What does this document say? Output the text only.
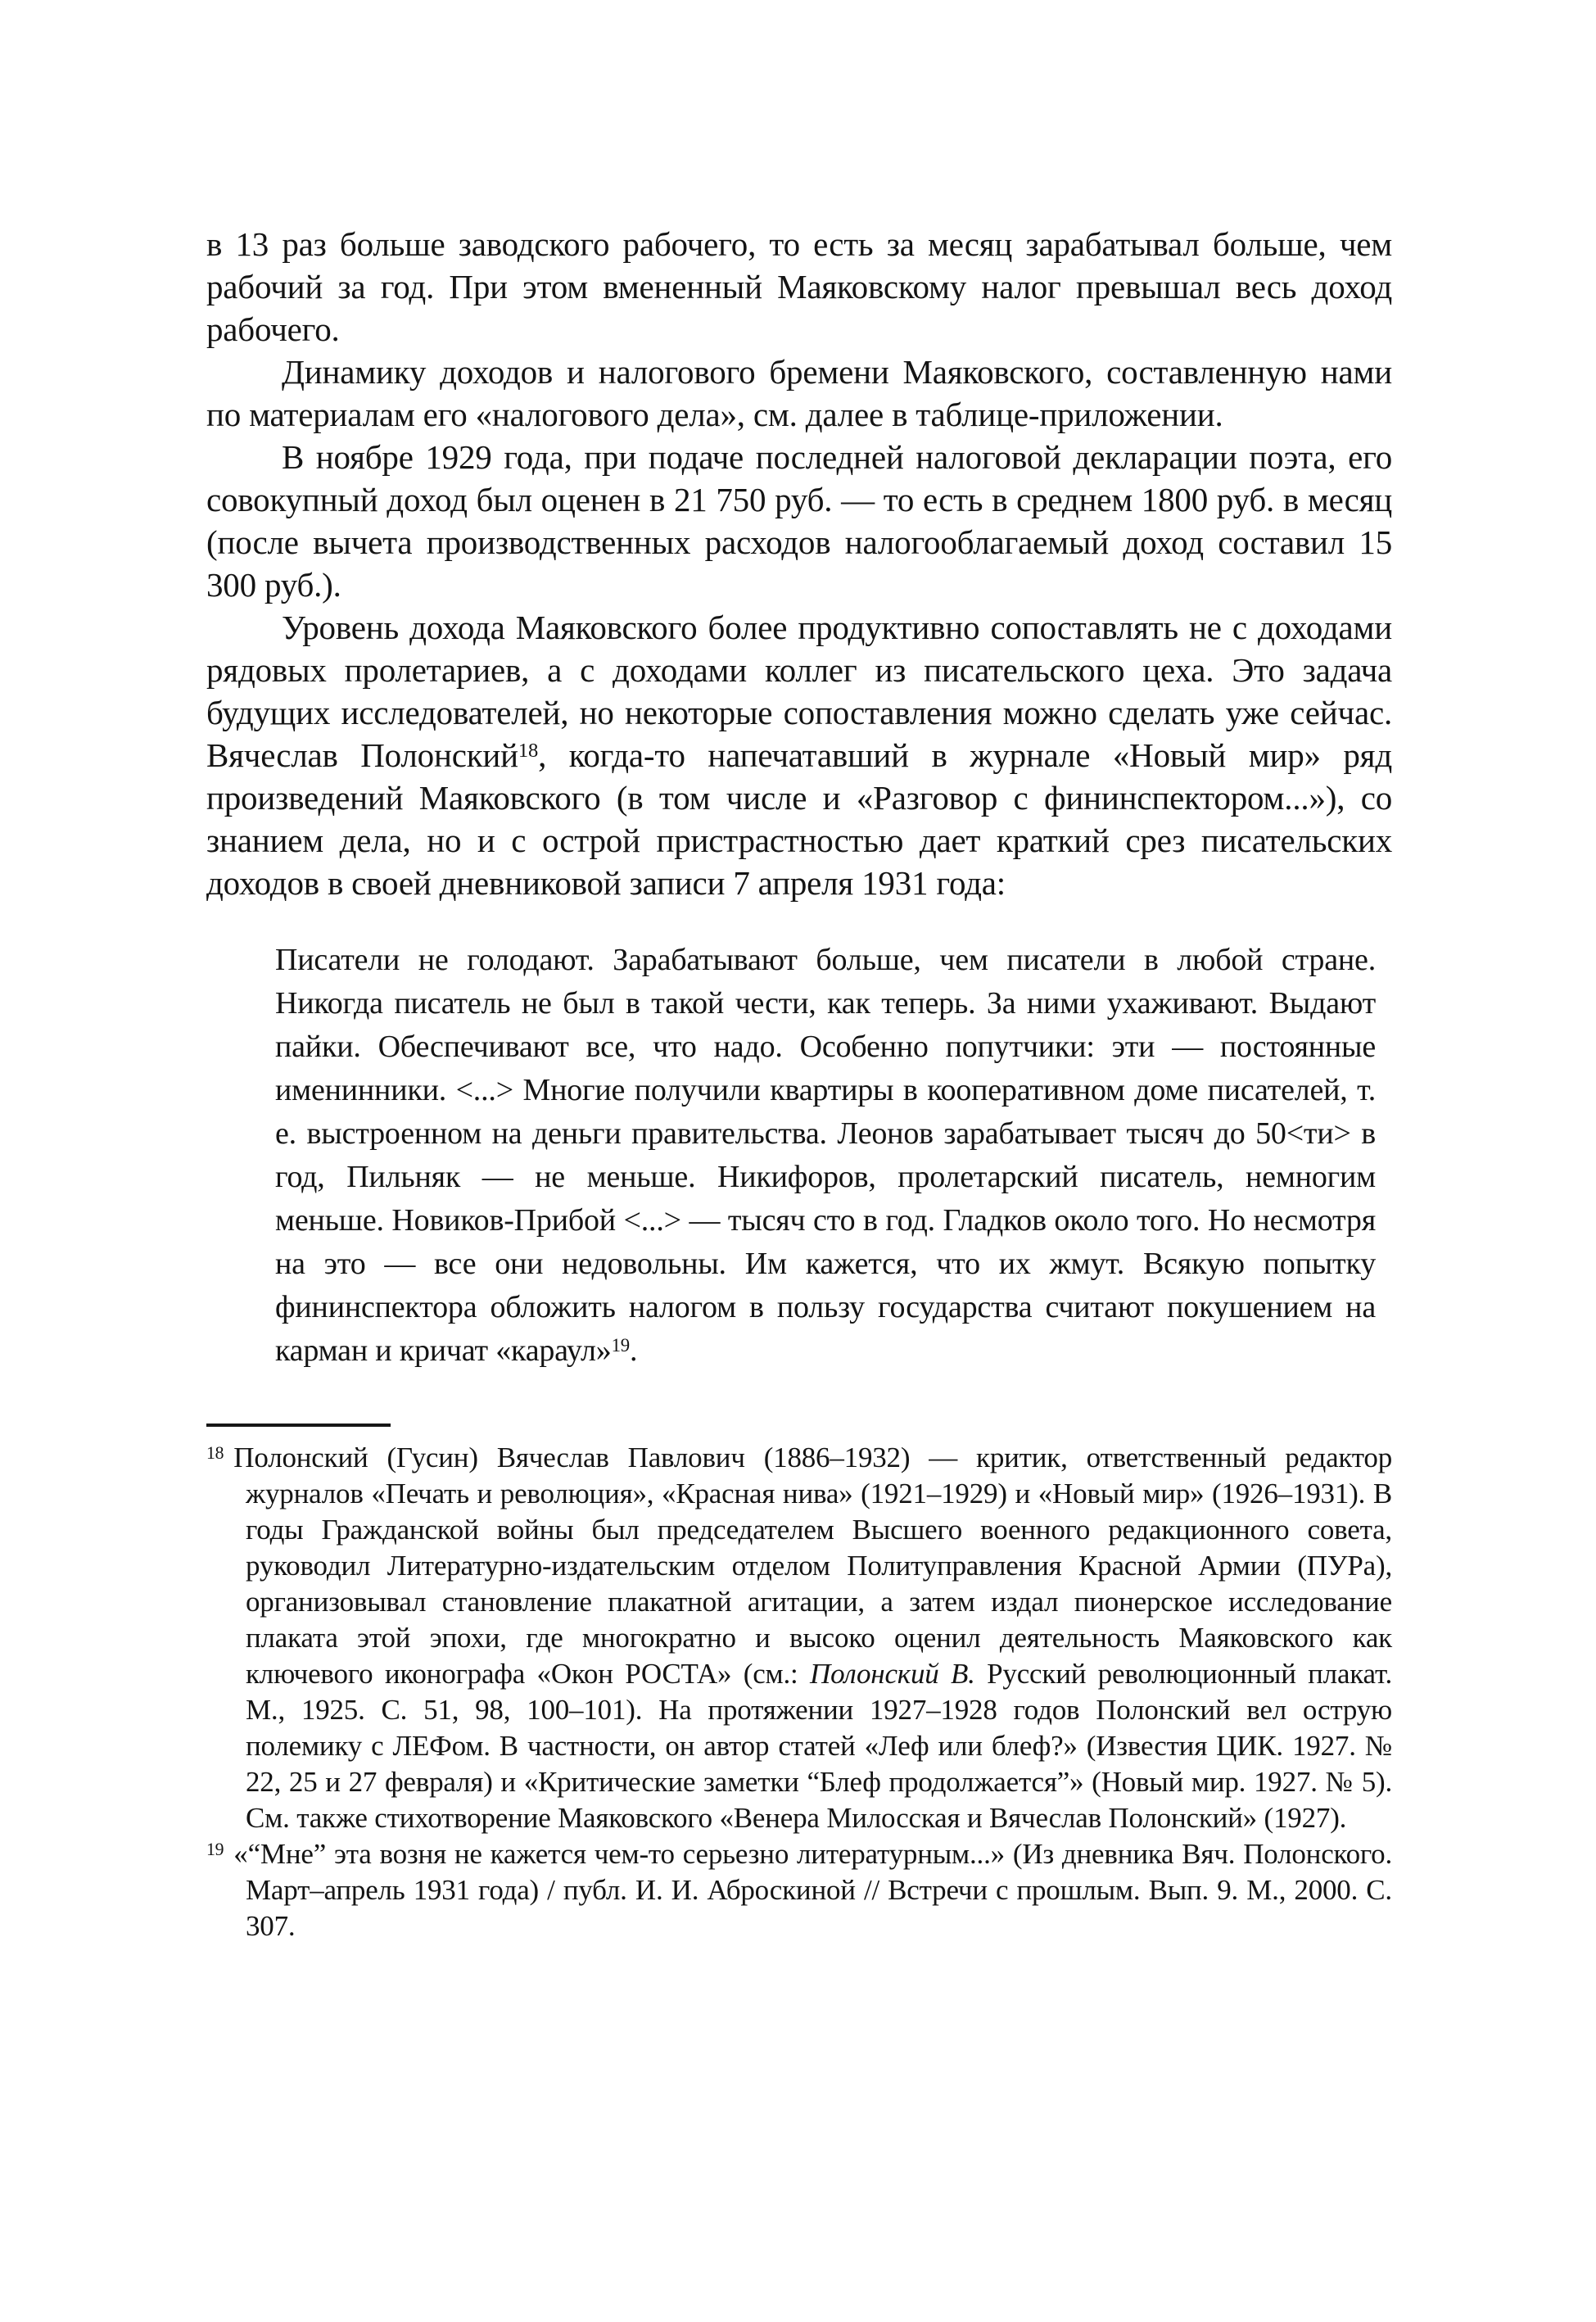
в 13 раз больше заводского рабочего, то есть за месяц зарабатывал больше, чем рабочий за год. При этом вмененный Маяковскому налог превышал весь доход рабочего.

Динамику доходов и налогового бремени Маяковского, составленную нами по материалам его «налогового дела», см. далее в таблице-приложении.

В ноябре 1929 года, при подаче последней налоговой декларации поэта, его совокупный доход был оценен в 21 750 руб. — то есть в среднем 1800 руб. в месяц (после вычета производственных расходов налогооблагаемый доход составил 15 300 руб.).

Уровень дохода Маяковского более продуктивно сопоставлять не с доходами рядовых пролетариев, а с доходами коллег из писательского цеха. Это задача будущих исследователей, но некоторые сопоставления можно сделать уже сейчас. Вячеслав Полонский$^{18}$, когда-то напечатавший в журнале «Новый мир» ряд произведений Маяковского (в том числе и «Разговор с фининспектором...»), со знанием дела, но и с острой пристрастностью дает краткий срез писательских доходов в своей дневниковой записи 7 апреля 1931 года:

Писатели не голодают. Зарабатывают больше, чем писатели в любой стране. Никогда писатель не был в такой чести, как теперь. За ними ухаживают. Выдают пайки. Обеспечивают все, что надо. Особенно попутчики: эти — постоянные именинники. <...> Многие получили квартиры в кооперативном доме писателей, т. е. выстроенном на деньги правительства. Леонов зарабатывает тысяч до 50<ти> в год, Пильняк — не меньше. Никифоров, пролетарский писатель, немногим меньше. Новиков-Прибой <...> — тысяч сто в год. Гладков около того. Но несмотря на это — все они недовольны. Им кажется, что их жмут. Всякую попытку фининспектора обложить налогом в пользу государства считают покушением на карман и кричат «караул»$^{19}$.
$^{18}$ Полонский (Гусин) Вячеслав Павлович (1886–1932) — критик, ответственный редактор журналов «Печать и революция», «Красная нива» (1921–1929) и «Новый мир» (1926–1931). В годы Гражданской войны был председателем Высшего военного редакционного совета, руководил Литературно-издательским отделом Политуправления Красной Армии (ПУРа), организовывал становление плакатной агитации, а затем издал пионерское исследование плаката этой эпохи, где многократно и высоко оценил деятельность Маяковского как ключевого иконографа «Окон РОСТА» (см.: Полонский В. Русский революционный плакат. М., 1925. С. 51, 98, 100–101). На протяжении 1927–1928 годов Полонский вел острую полемику с ЛЕФом. В частности, он автор статей «Леф или блеф?» (Известия ЦИК. 1927. № 22, 25 и 27 февраля) и «Критические заметки “Блеф продолжается”» (Новый мир. 1927. № 5). См. также стихотворение Маяковского «Венера Милосская и Вячеслав Полонский» (1927).
$^{19}$ «“Мне” эта возня не кажется чем-то серьезно литературным...» (Из дневника Вяч. Полонского. Март–апрель 1931 года) / публ. И. И. Аброскиной // Встречи с прошлым. Вып. 9. М., 2000. С. 307.
